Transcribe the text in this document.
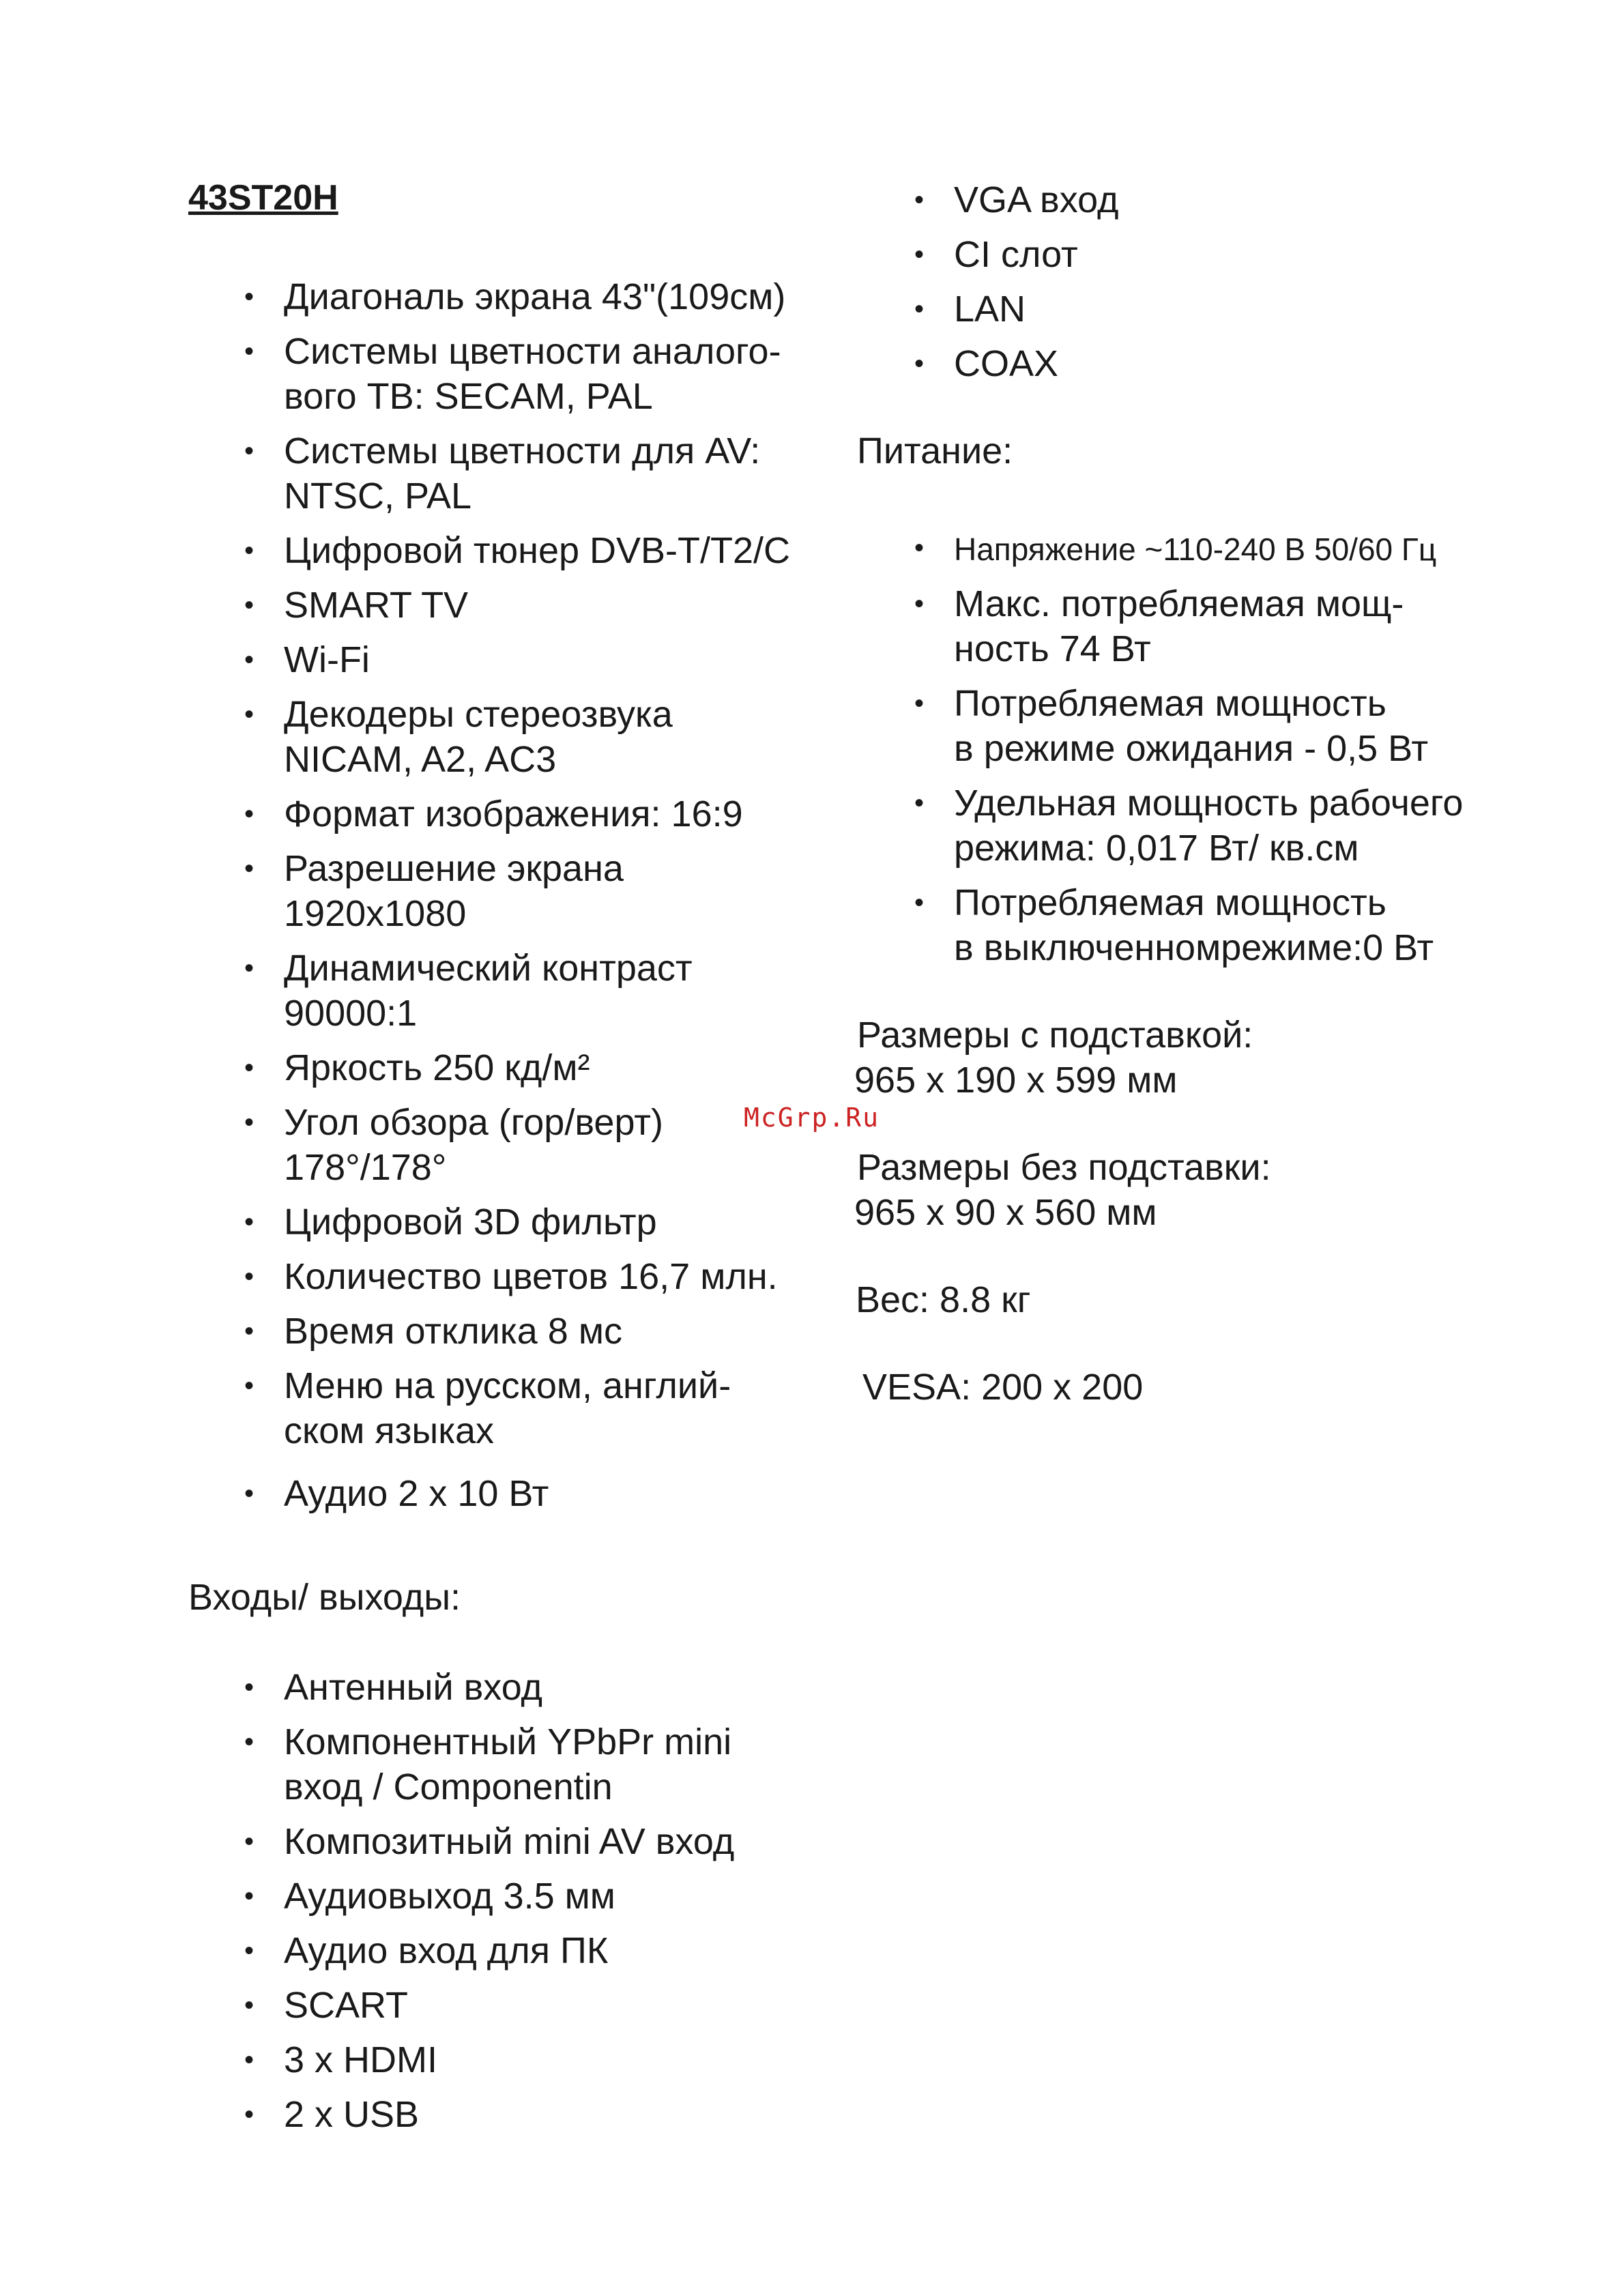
43ST20H
• Диагональ экрана 43"(109см)
• Системы цветности аналого-
вого ТВ: SECAM, PAL
• Системы цветности для AV:
NTSC, PAL
• Цифровой тюнер DVB-T/T2/C
• SMART TV
• Wi-Fi
• Декодеры стереозвука
NICAM, A2, AC3
• Формат изображения: 16:9
• Разрешение экрана
1920x1080
• Динамический контраст
90000:1
• Яркость 250 кд/м²
• Угол обзора (гор/верт)
178°/178°
• Цифровой 3D фильтр
• Количество цветов 16,7 млн.
• Время отклика 8 мс
• Меню на русском, англий-
ском языках
• Аудио 2 x 10 Вт

Входы/ выходы:

• Антенный вход
• Компонентный YPbPr mini
вход / Componentin
• Композитный mini AV вход
• Аудиовыход 3.5 мм
• Аудио вход для ПК
• SCART
• 3 x HDMI
• 2 x USB
• VGA вход
• CI слот
• LAN
• COAX

Питание:

• Напряжение ~110-240 В 50/60 Гц
• Макс. потребляемая мощ-
ность 74 Вт
• Потребляемая мощность
в режиме ожидания - 0,5 Вт
• Удельная мощность рабочего
режима: 0,017 Вт/ кв.см
• Потребляемая мощность
в выключенномрежиме:0 Вт

Размеры с подставкой:

965 x 190 x 599 мм

Размеры без подставки:

965 x 90 x 560 мм

Вес: 8.8 кг

VESA: 200 x 200

McGrp.Ru
